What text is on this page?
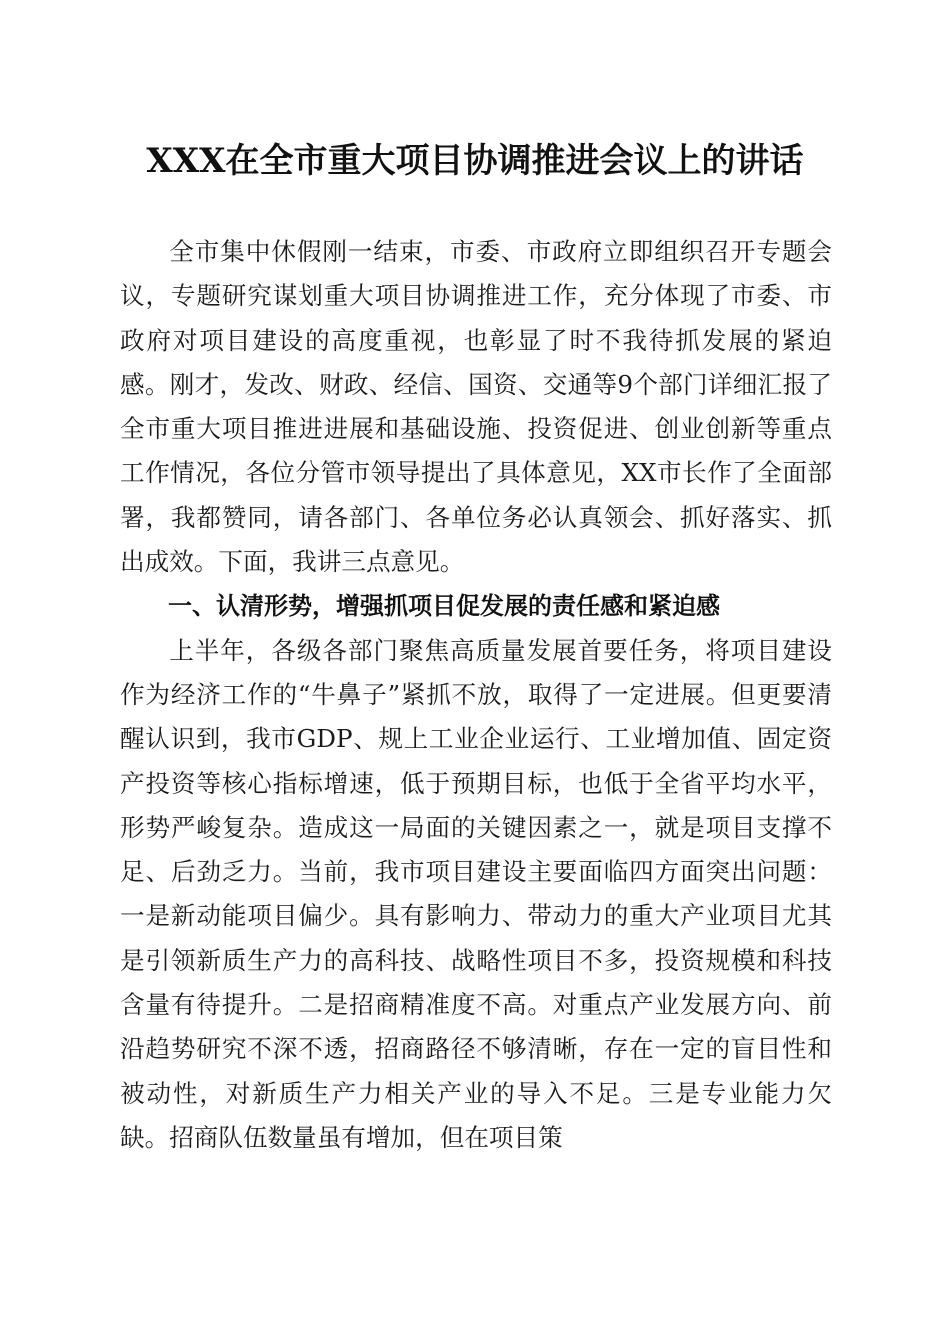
XXX在全市重大项目协调推进会议上的讲话

全市集中休假刚一结束，市委、市政府立即组织召开专题会议，专题研究谋划重大项目协调推进工作，充分体现了市委、市政府对项目建设的高度重视，也彰显了时不我待抓发展的紧迫感。刚才，发改、财政、经信、国资、交通等9个部门详细汇报了全市重大项目推进进展和基础设施、投资促进、创业创新等重点工作情况，各位分管市领导提出了具体意见，XX市长作了全面部署，我都赞同，请各部门、各单位务必认真领会、抓好落实、抓出成效。下面，我讲三点意见。

一、认清形势，增强抓项目促发展的责任感和紧迫感

上半年，各级各部门聚焦高质量发展首要任务，将项目建设作为经济工作的“牛鼻子”紧抓不放，取得了一定进展。但更要清醒认识到，我市GDP、规上工业企业运行、工业增加值、固定资产投资等核心指标增速，低于预期目标，也低于全省平均水平，形势严峻复杂。造成这一局面的关键因素之一，就是项目支撑不足、后劲乏力。当前，我市项目建设主要面临四方面突出问题：一是新动能项目偏少。具有影响力、带动力的重大产业项目尤其是引领新质生产力的高科技、战略性项目不多，投资规模和科技含量有待提升。二是招商精准度不高。对重点产业发展方向、前沿趋势研究不深不透，招商路径不够清晰，存在一定的盲目性和被动性，对新质生产力相关产业的导入不足。三是专业能力欠缺。招商队伍数量虽有增加，但在项目策
